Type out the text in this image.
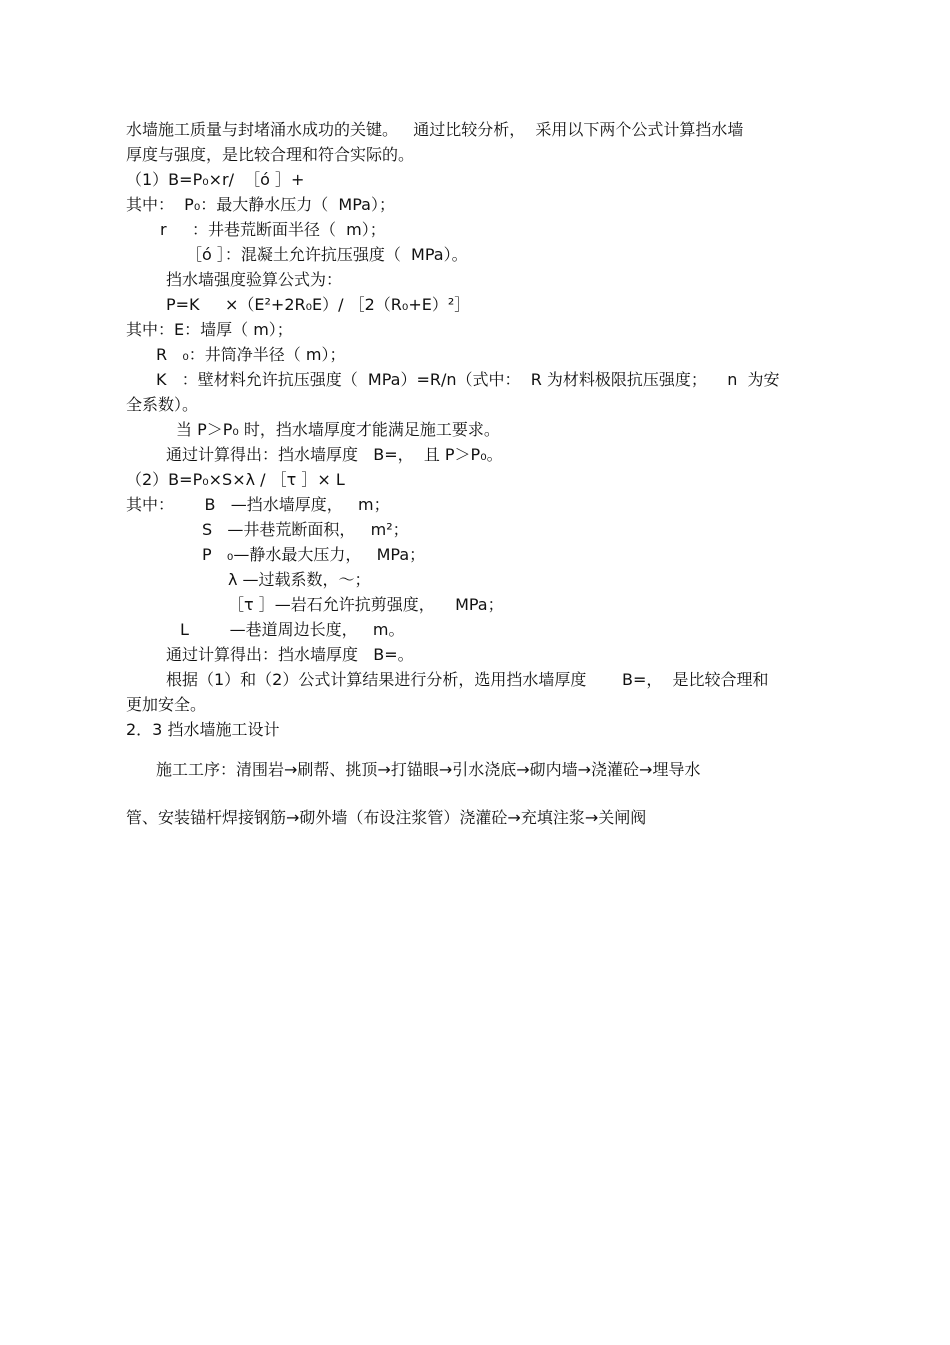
水墙施工质量与封堵涌水成功的关键。   通过比较分析，  采用以下两个公式计算挡水墙
厚度与强度，是比较合理和符合实际的。
（1）B=P₀×r/  ［ó ］+
其中：  P₀：最大静水压力（  MPa）；
r     ：井巷荒断面半径（  m）；
［ó ］：混凝土允许抗压强度（  MPa）。
挡水墙强度验算公式为：
P=K     ×（E²+2R₀E）/ ［2（R₀+E）²］
其中：E：墙厚（ m）；
R   ₀：井筒净半径（ m）；
K   ：壁材料允许抗压强度（  MPa）=R/n（式中：  R 为材料极限抗压强度；    n  为安
全系数）。
当 P＞P₀ 时，挡水墙厚度才能满足施工要求。
通过计算得出：挡水墙厚度   B=，  且 P＞P₀。
（2）B=P₀×S×λ / ［τ ］× L
其中：      B   —挡水墙厚度，   m；
S   —井巷荒断面积，   m²；
P   ₀—静水最大压力，   MPa；
λ —过载系数，～；
［τ ］—岩石允许抗剪强度，    MPa；
L        —巷道周边长度，   m。
通过计算得出：挡水墙厚度   B=。
根据（1）和（2）公式计算结果进行分析，选用挡水墙厚度       B=，  是比较合理和
更加安全。
2．3 挡水墙施工设计
施工工序：清围岩→刷帮、挑顶→打锚眼→引水浇底→砌内墙→浇灌砼→埋导水
管、安装锚杆焊接钢筋→砌外墙（布设注浆管）浇灌砼→充填注浆→关闸阀
